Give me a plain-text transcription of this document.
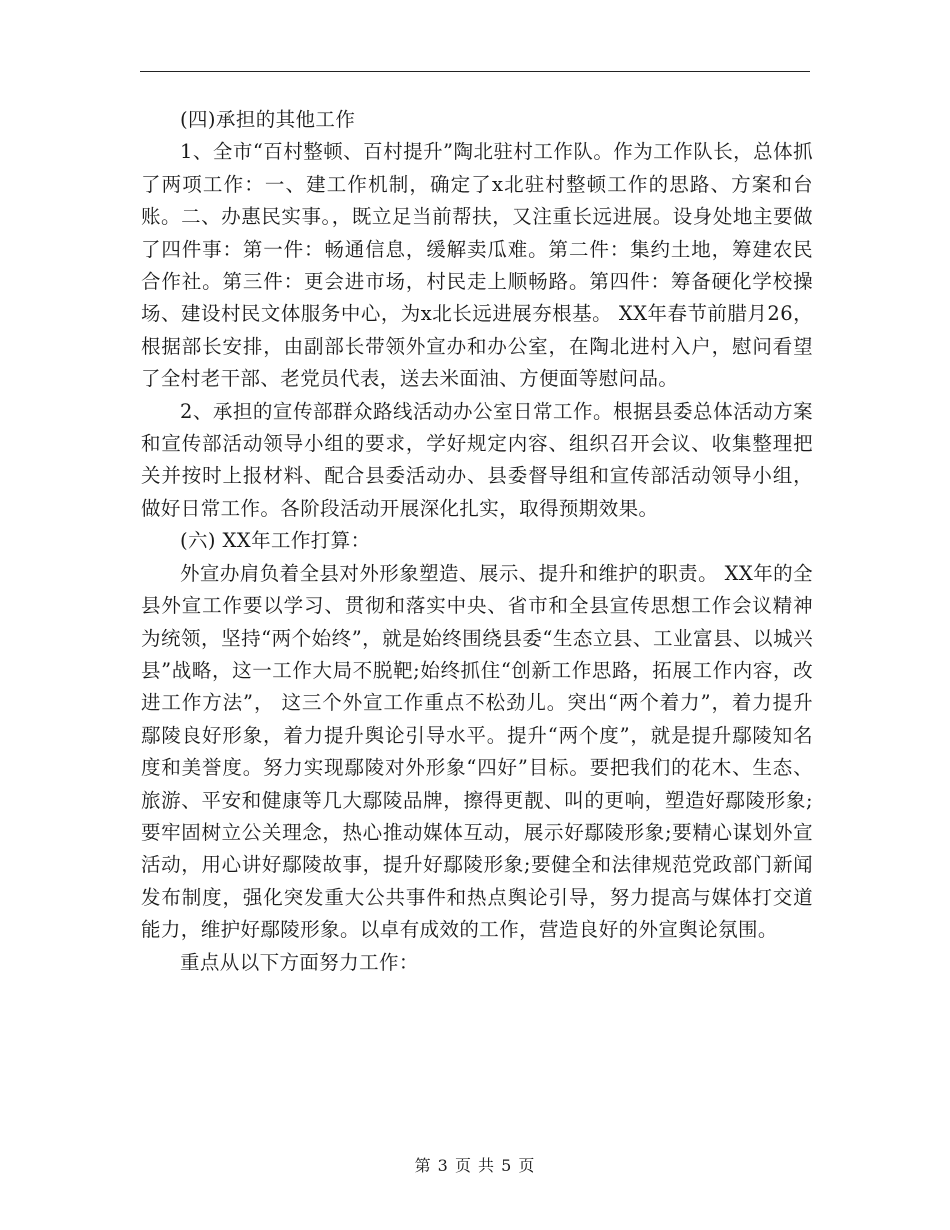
(四)承担的其他工作

1、全市“百村整顿、百村提升”陶北驻村工作队。作为工作队长，总体抓了两项工作：一、建工作机制，确定了x北驻村整顿工作的思路、方案和台账。二、办惠民实事。，既立足当前帮扶，又注重长远进展。设身处地主要做了四件事：第一件：畅通信息，缓解卖瓜难。第二件：集约土地，筹建农民合作社。第三件：更会进市场，村民走上顺畅路。第四件：筹备硬化学校操场、建设村民文体服务中心，为x北长远进展夯根基。 XX年春节前腊月26，根据部长安排，由副部长带领外宣办和办公室，在陶北进村入户，慰问看望了全村老干部、老党员代表，送去米面油、方便面等慰问品。

2、承担的宣传部群众路线活动办公室日常工作。根据县委总体活动方案和宣传部活动领导小组的要求，学好规定内容、组织召开会议、收集整理把关并按时上报材料、配合县委活动办、县委督导组和宣传部活动领导小组，做好日常工作。各阶段活动开展深化扎实，取得预期效果。

(六) XX年工作打算：

外宣办肩负着全县对外形象塑造、展示、提升和维护的职责。 XX年的全县外宣工作要以学习、贯彻和落实中央、省市和全县宣传思想工作会议精神为统领，坚持“两个始终”，就是始终围绕县委“生态立县、工业富县、以城兴县”战略，这一工作大局不脱靶;始终抓住“创新工作思路，拓展工作内容，改进工作方法”， 这三个外宣工作重点不松劲儿。突出“两个着力”，着力提升鄢陵良好形象，着力提升舆论引导水平。提升“两个度”，就是提升鄢陵知名度和美誉度。努力实现鄢陵对外形象“四好”目标。要把我们的花木、生态、旅游、平安和健康等几大鄢陵品牌，擦得更靓、叫的更响，塑造好鄢陵形象;要牢固树立公关理念，热心推动媒体互动，展示好鄢陵形象;要精心谋划外宣活动，用心讲好鄢陵故事，提升好鄢陵形象;要健全和法律规范党政部门新闻发布制度，强化突发重大公共事件和热点舆论引导，努力提高与媒体打交道能力，维护好鄢陵形象。以卓有成效的工作，营造良好的外宣舆论氛围。

重点从以下方面努力工作：

第 3 页 共 5 页
